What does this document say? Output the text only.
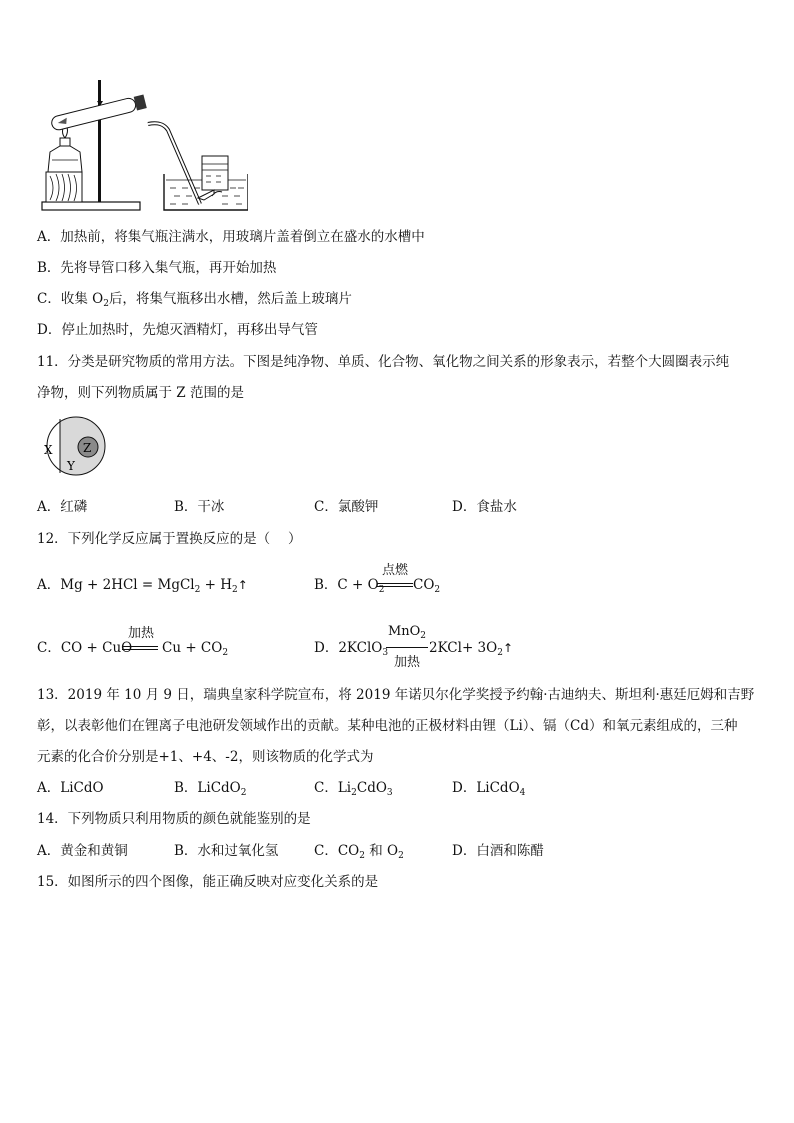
A．加热前，将集气瓶注满水，用玻璃片盖着倒立在盛水的水槽中
B．先将导管口移入集气瓶，再开始加热
C．收集 $O_2$后，将集气瓶移出水槽，然后盖上玻璃片
D．停止加热时，先熄灭酒精灯，再移出导气管
11．分类是研究物质的常用方法。下图是纯净物、单质、化合物、氧化物之间关系的形象表示，若整个大圆圈表示纯
净物，则下列物质属于 Z 范围的是
X
Y
Z
A．红磷	B．干冰	C．氯酸钾	D．食盐水
12．下列化学反应属于置换反应的是（　 ）
A．Mg + 2HCl = MgCl$_2$ + $H_2↑$	B．$C + O_2$
点燃
$CO_2$
C．CO + CuO
加热
$Cu + CO_2$	D．2KClO$_3$
MnO$_2$
加热
$2KCl+ 3O_2↑$
13．2019 年 10 月 9 日，瑞典皇家科学院宣布，将 2019 年诺贝尔化学奖授予约翰·古迪纳夫、斯坦利·惠廷厄姆和吉野
彰，以表彰他们在锂离子电池研发领域作出的贡献。某种电池的正极材料由锂（Li）、镉（Cd）和氧元素组成的，三种
元素的化合价分别是+1、+4、-2，则该物质的化学式为
A．LiCdO	B．LiCdO$_2$	C．$Li_2CdO_3$	D．LiCdO$_4$
14．下列物质只利用物质的颜色就能鉴别的是
A．黄金和黄铜	B．水和过氧化氢	C．$CO_2$ 和 $O_2$	D．白酒和陈醋
15．如图所示的四个图像，能正确反映对应变化关系的是
